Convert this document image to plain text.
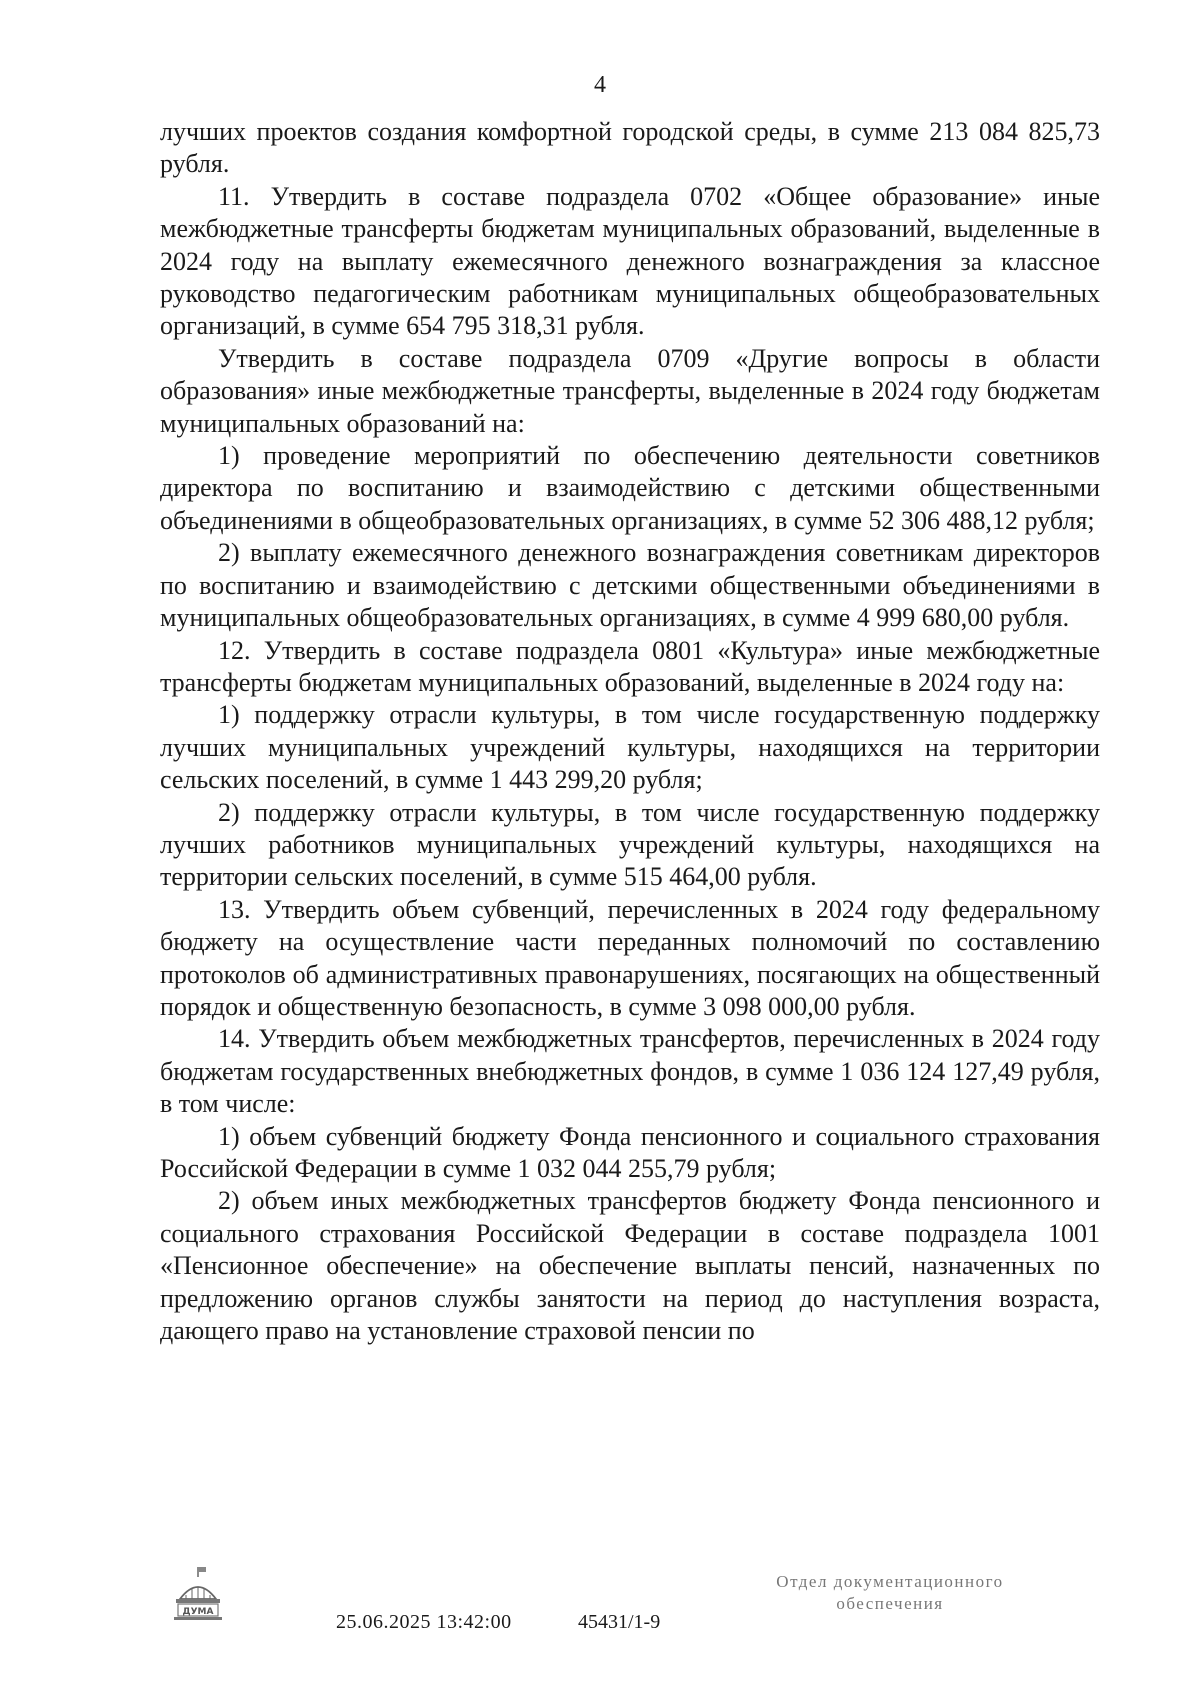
4

лучших проектов создания комфортной городской среды, в сумме 213 084 825,73 рубля.

11. Утвердить в составе подраздела 0702 «Общее образование» иные межбюджетные трансферты бюджетам муниципальных образований, выделенные в 2024 году на выплату ежемесячного денежного вознаграждения за классное руководство педагогическим работникам муниципальных общеобразовательных организаций, в сумме 654 795 318,31 рубля.

Утвердить в составе подраздела 0709 «Другие вопросы в области образования» иные межбюджетные трансферты, выделенные в 2024 году бюджетам муниципальных образований на:

1) проведение мероприятий по обеспечению деятельности советников директора по воспитанию и взаимодействию с детскими общественными объединениями в общеобразовательных организациях, в сумме 52 306 488,12 рубля;

2) выплату ежемесячного денежного вознаграждения советникам директоров по воспитанию и взаимодействию с детскими общественными объединениями в муниципальных общеобразовательных организациях, в сумме 4 999 680,00 рубля.

12. Утвердить в составе подраздела 0801 «Культура» иные межбюджетные трансферты бюджетам муниципальных образований, выделенные в 2024 году на:

1) поддержку отрасли культуры, в том числе государственную поддержку лучших муниципальных учреждений культуры, находящихся на территории сельских поселений, в сумме 1 443 299,20 рубля;

2) поддержку отрасли культуры, в том числе государственную поддержку лучших работников муниципальных учреждений культуры, находящихся на территории сельских поселений, в сумме 515 464,00 рубля.

13. Утвердить объем субвенций, перечисленных в 2024 году федеральному бюджету на осуществление части переданных полномочий по составлению протоколов об административных правонарушениях, посягающих на общественный порядок и общественную безопасность, в сумме 3 098 000,00 рубля.

14. Утвердить объем межбюджетных трансфертов, перечисленных в 2024 году бюджетам государственных внебюджетных фондов, в сумме 1 036 124 127,49 рубля, в том числе:

1) объем субвенций бюджету Фонда пенсионного и социального страхования Российской Федерации в сумме 1 032 044 255,79 рубля;

2) объем иных межбюджетных трансфертов бюджету Фонда пенсионного и социального страхования Российской Федерации в составе подраздела 1001 «Пенсионное обеспечение» на обеспечение выплаты пенсий, назначенных по предложению органов службы занятости на период до наступления возраста, дающего право на установление страховой пенсии по

ДУМА	25.06.2025 13:42:00	45431/1-9
Отдел документационного
обеспечения
